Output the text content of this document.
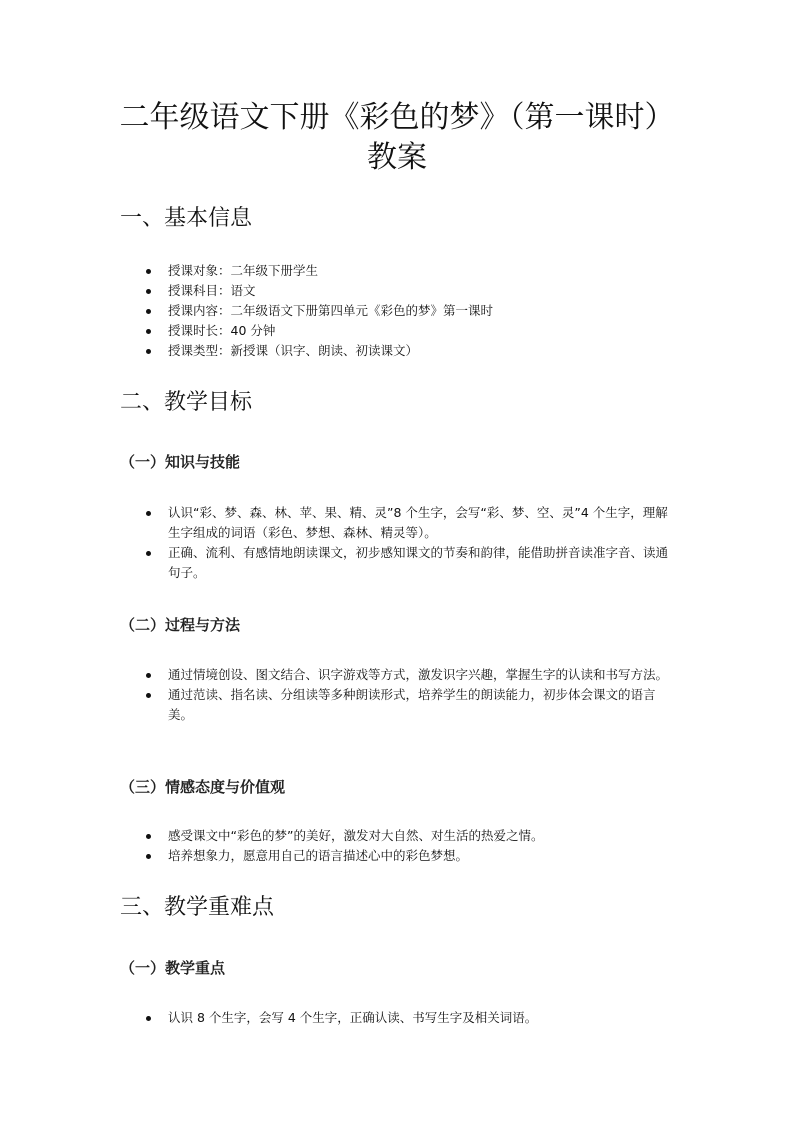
二年级语文下册《彩色的梦》（第一课时）教案
一、基本信息
授课对象：二年级下册学生
授课科目：语文
授课内容：二年级语文下册第四单元《彩色的梦》第一课时
授课时长：40 分钟
授课类型：新授课（识字、朗读、初读课文）
二、教学目标
（一）知识与技能
认识“彩、梦、森、林、苹、果、精、灵”8 个生字，会写“彩、梦、空、灵”4 个生字，理解生字组成的词语（彩色、梦想、森林、精灵等）。
正确、流利、有感情地朗读课文，初步感知课文的节奏和韵律，能借助拼音读准字音、读通句子。
（二）过程与方法
通过情境创设、图文结合、识字游戏等方式，激发识字兴趣，掌握生字的认读和书写方法。
通过范读、指名读、分组读等多种朗读形式，培养学生的朗读能力，初步体会课文的语言美。
（三）情感态度与价值观
感受课文中“彩色的梦”的美好，激发对大自然、对生活的热爱之情。
培养想象力，愿意用自己的语言描述心中的彩色梦想。
三、教学重难点
（一）教学重点
认识 8 个生字，会写 4 个生字，正确认读、书写生字及相关词语。
